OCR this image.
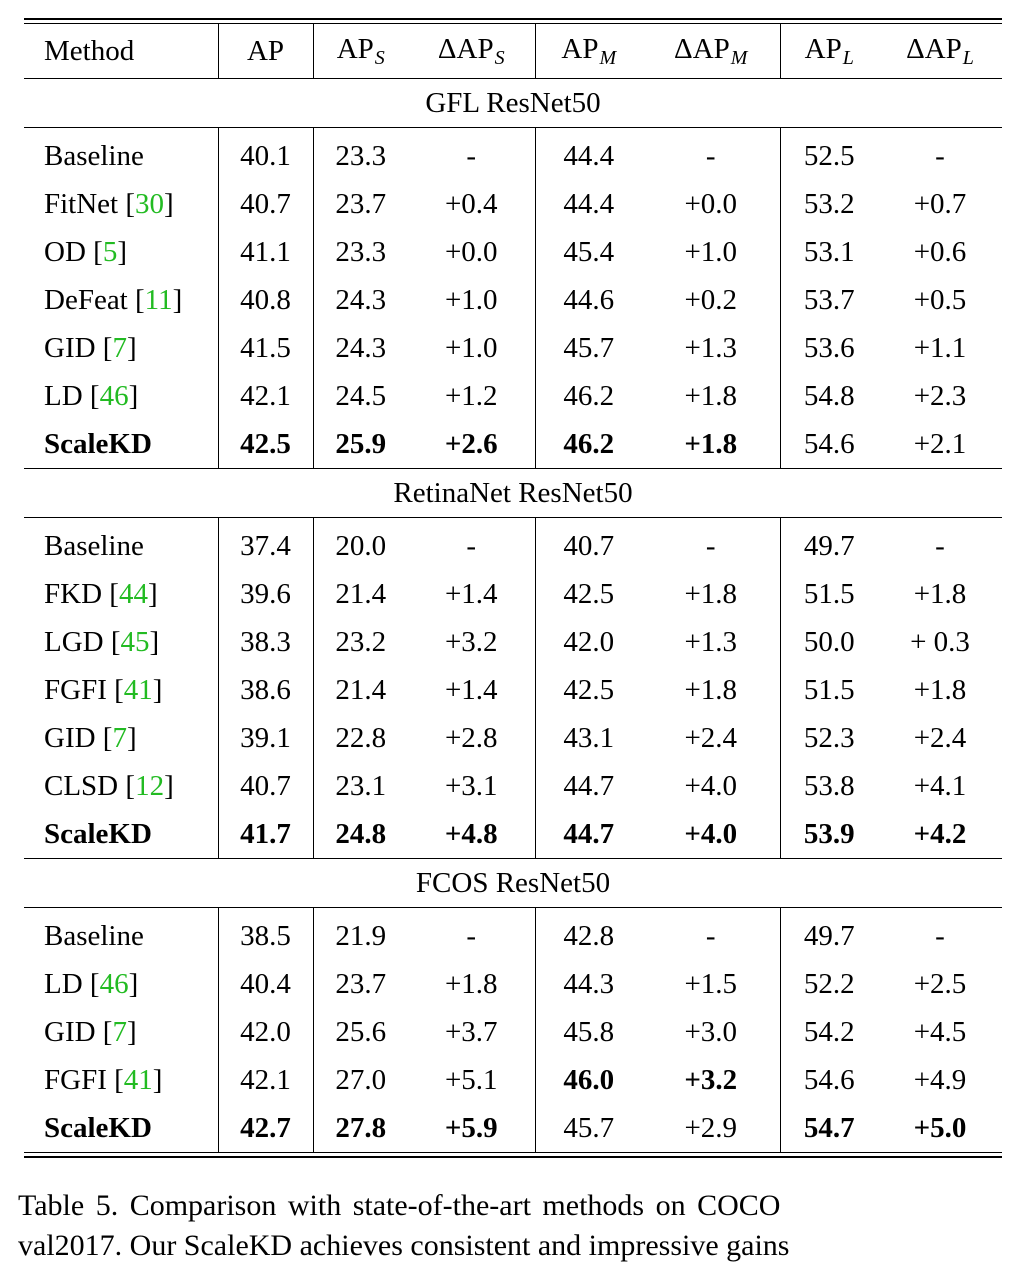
Method	AP	$AP_S$	$\Delta AP_S$	$AP_M$	$\Delta AP_M$	$AP_L$	$\Delta AP_L$
GFL ResNet50							
Baseline	40.1	23.3	-	44.4	-	52.5	-
FitNet [30]	40.7	23.7	+0.4	44.4	+0.0	53.2	+0.7
OD [5]	41.1	23.3	+0.0	45.4	+1.0	53.1	+0.6
DeFeat [11]	40.8	24.3	+1.0	44.6	+0.2	53.7	+0.5
GID [7]	41.5	24.3	+1.0	45.7	+1.3	53.6	+1.1
LD [46]	42.1	24.5	+1.2	46.2	+1.8	54.8	+2.3
ScaleKD	42.5	25.9	+2.6	46.2	+1.8	54.6	+2.1
RetinaNet ResNet50							
Baseline	37.4	20.0	-	40.7	-	49.7	-
FKD [44]	39.6	21.4	+1.4	42.5	+1.8	51.5	+1.8
LGD [45]	38.3	23.2	+3.2	42.0	+1.3	50.0	+ 0.3
FGFI [41]	38.6	21.4	+1.4	42.5	+1.8	51.5	+1.8
GID [7]	39.1	22.8	+2.8	43.1	+2.4	52.3	+2.4
CLSD [12]	40.7	23.1	+3.1	44.7	+4.0	53.8	+4.1
ScaleKD	41.7	24.8	+4.8	44.7	+4.0	53.9	+4.2
FCOS ResNet50							
Baseline	38.5	21.9	-	42.8	-	49.7	-
LD [46]	40.4	23.7	+1.8	44.3	+1.5	52.2	+2.5
GID [7]	42.0	25.6	+3.7	45.8	+3.0	54.2	+4.5
FGFI [41]	42.1	27.0	+5.1	46.0	+3.2	54.6	+4.9
ScaleKD	42.7	27.8	+5.9	45.7	+2.9	54.7	+5.0
Table 5. Comparison with state-of-the-art methods on COCO
val2017. Our ScaleKD achieves consistent and impressive gains
